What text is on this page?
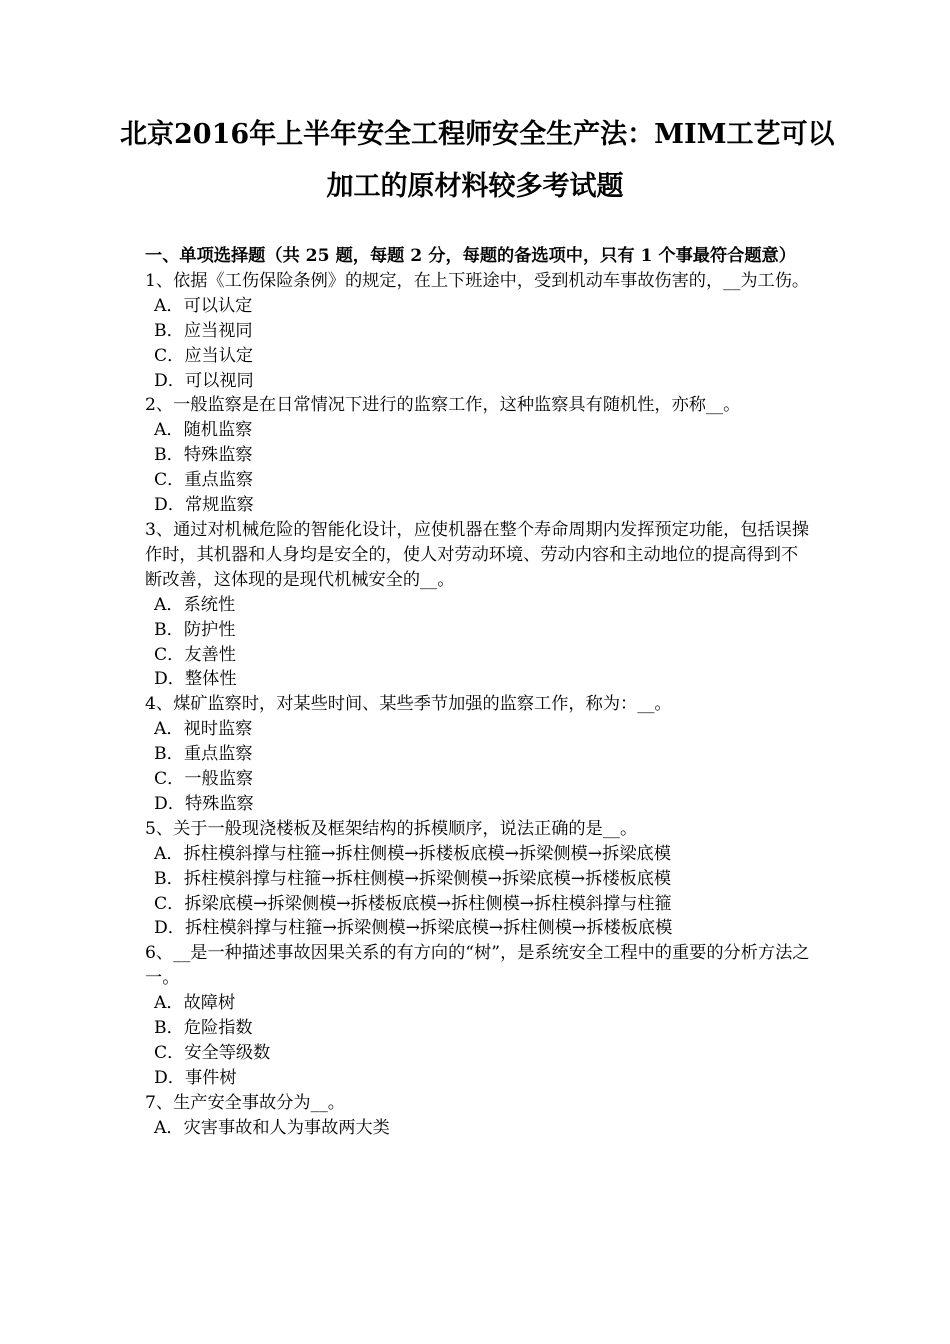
北京2016年上半年安全工程师安全生产法：MIM工艺可以
加工的原材料较多考试题

一、单项选择题（共 25 题，每题 2 分，每题的备选项中，只有 1 个事最符合题意）

1、依据《工伤保险条例》的规定，在上下班途中，受到机动车事故伤害的，__为工伤。

A．可以认定

B．应当视同

C．应当认定

D．可以视同

2、一般监察是在日常情况下进行的监察工作，这种监察具有随机性，亦称__。

A．随机监察

B．特殊监察

C．重点监察

D．常规监察

3、通过对机械危险的智能化设计，应使机器在整个寿命周期内发挥预定功能，包括误操作时，其机器和人身均是安全的，使人对劳动环境、劳动内容和主动地位的提高得到不断改善，这体现的是现代机械安全的__。

A．系统性

B．防护性

C．友善性

D．整体性

4、煤矿监察时，对某些时间、某些季节加强的监察工作，称为：__。

A．视时监察

B．重点监察

C．一般监察

D．特殊监察

5、关于一般现浇楼板及框架结构的拆模顺序，说法正确的是__。

A．拆柱模斜撑与柱箍→拆柱侧模→拆楼板底模→拆梁侧模→拆梁底模

B．拆柱模斜撑与柱箍→拆柱侧模→拆梁侧模→拆梁底模→拆楼板底模

C．拆梁底模→拆梁侧模→拆楼板底模→拆柱侧模→拆柱模斜撑与柱箍

D．拆柱模斜撑与柱箍→拆梁侧模→拆梁底模→拆柱侧模→拆楼板底模

6、__是一种描述事故因果关系的有方向的“树”，是系统安全工程中的重要的分析方法之一。

A．故障树

B．危险指数

C．安全等级数

D．事件树

7、生产安全事故分为__。

A．灾害事故和人为事故两大类
